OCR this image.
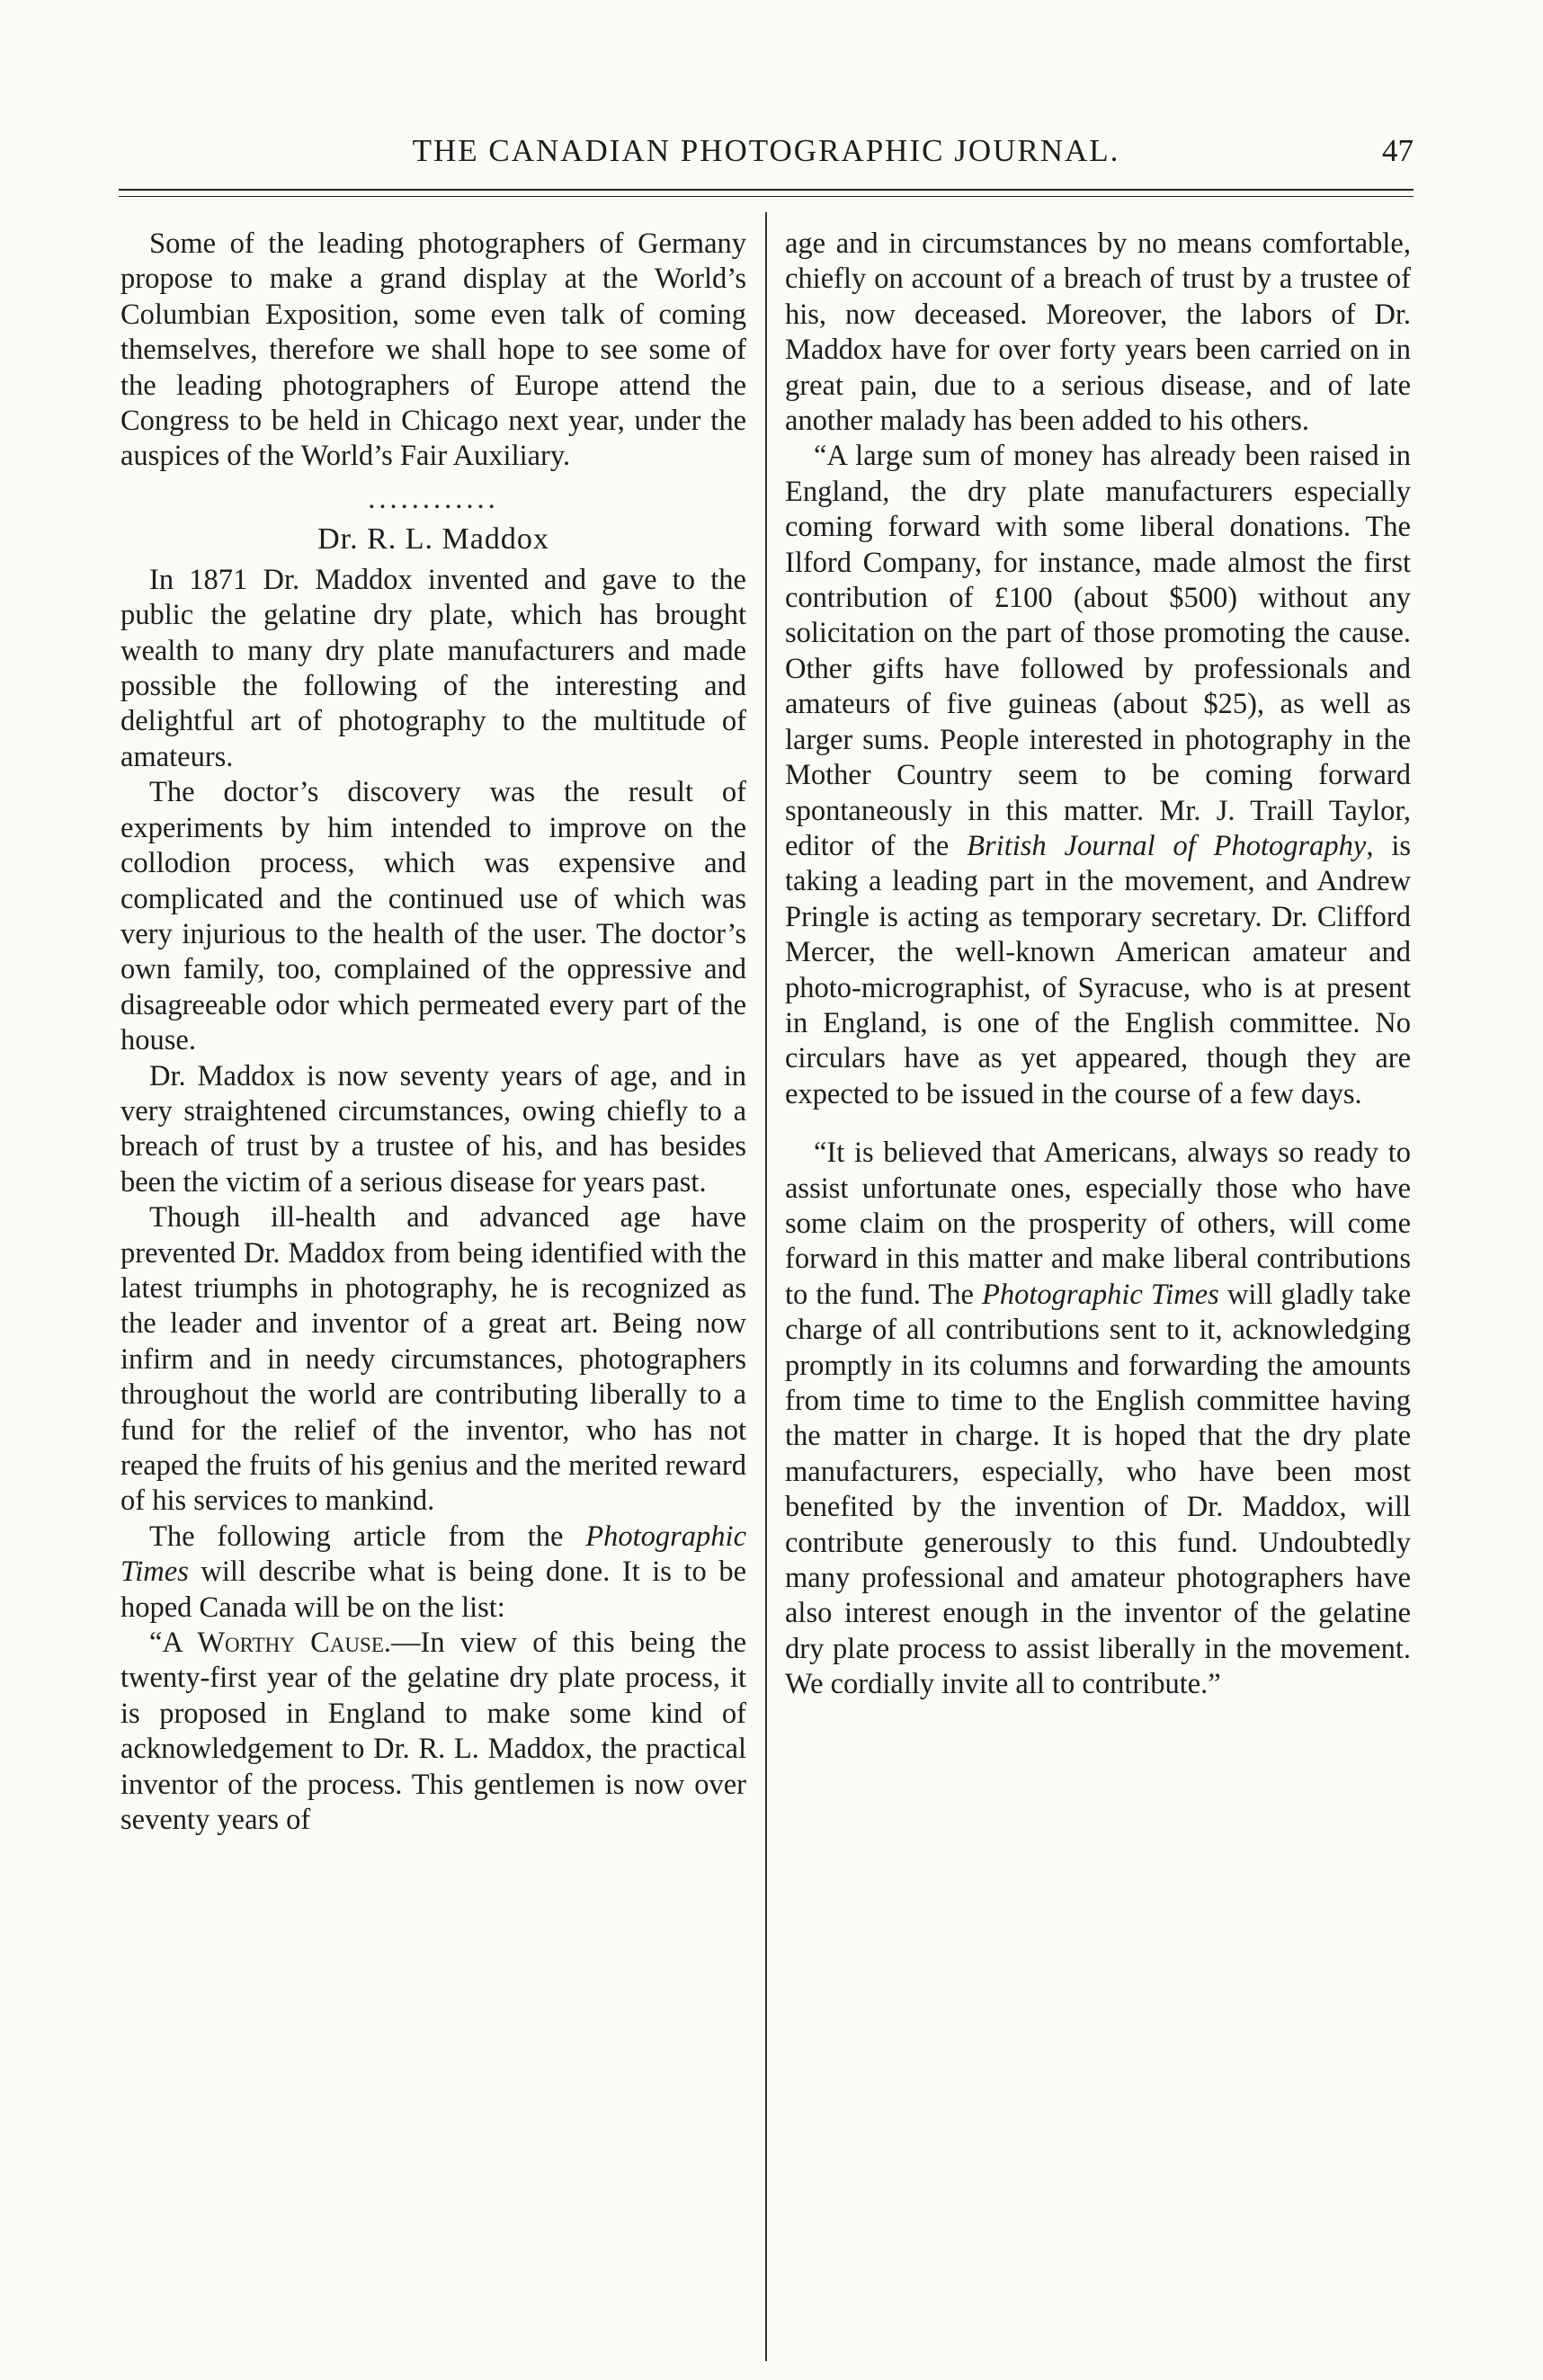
THE CANADIAN PHOTOGRAPHIC JOURNAL.	47

Some of the leading photographers of Germany propose to make a grand display at the World’s Columbian Exposition, some even talk of coming themselves, therefore we shall hope to see some of the leading photographers of Europe attend the Congress to be held in Chicago next year, under the auspices of the World’s Fair Auxiliary.

............
Dr. R. L. Maddox

In 1871 Dr. Maddox invented and gave to the public the gelatine dry plate, which has brought wealth to many dry plate manufacturers and made possible the following of the interesting and delightful art of photography to the multitude of amateurs.

The doctor’s discovery was the result of experiments by him intended to improve on the collodion process, which was expensive and complicated and the continued use of which was very injurious to the health of the user. The doctor’s own family, too, complained of the oppressive and disagreeable odor which permeated every part of the house.

Dr. Maddox is now seventy years of age, and in very straightened circumstances, owing chiefly to a breach of trust by a trustee of his, and has besides been the victim of a serious disease for years past.

Though ill-health and advanced age have prevented Dr. Maddox from being identified with the latest triumphs in photography, he is recognized as the leader and inventor of a great art. Being now infirm and in needy circumstances, photographers throughout the world are contributing liberally to a fund for the relief of the inventor, who has not reaped the fruits of his genius and the merited reward of his services to mankind.

The following article from the Photographic Times will describe what is being done. It is to be hoped Canada will be on the list:

“A Worthy Cause.—In view of this being the twenty-first year of the gelatine dry plate process, it is proposed in England to make some kind of acknowledgement to Dr. R. L. Maddox, the practical inventor of the process. This gentlemen is now over seventy years of

age and in circumstances by no means comfortable, chiefly on account of a breach of trust by a trustee of his, now deceased. Moreover, the labors of Dr. Maddox have for over forty years been carried on in great pain, due to a serious disease, and of late another malady has been added to his others.

“A large sum of money has already been raised in England, the dry plate manufacturers especially coming forward with some liberal donations. The Ilford Company, for instance, made almost the first contribution of £100 (about $500) without any solicitation on the part of those promoting the cause. Other gifts have followed by professionals and amateurs of five guineas (about $25), as well as larger sums. People interested in photography in the Mother Country seem to be coming forward spontaneously in this matter. Mr. J. Traill Taylor, editor of the British Journal of Photography, is taking a leading part in the movement, and Andrew Pringle is acting as temporary secretary. Dr. Clifford Mercer, the well-known American amateur and photo-micrographist, of Syracuse, who is at present in England, is one of the English committee. No circulars have as yet appeared, though they are expected to be issued in the course of a few days.

“It is believed that Americans, always so ready to assist unfortunate ones, especially those who have some claim on the prosperity of others, will come forward in this matter and make liberal contributions to the fund. The Photographic Times will gladly take charge of all contributions sent to it, acknowledging promptly in its columns and forwarding the amounts from time to time to the English committee having the matter in charge. It is hoped that the dry plate manufacturers, especially, who have been most benefited by the invention of Dr. Maddox, will contribute generously to this fund. Undoubtedly many professional and amateur photographers have also interest enough in the inventor of the gelatine dry plate process to assist liberally in the movement. We cordially invite all to contribute.”
